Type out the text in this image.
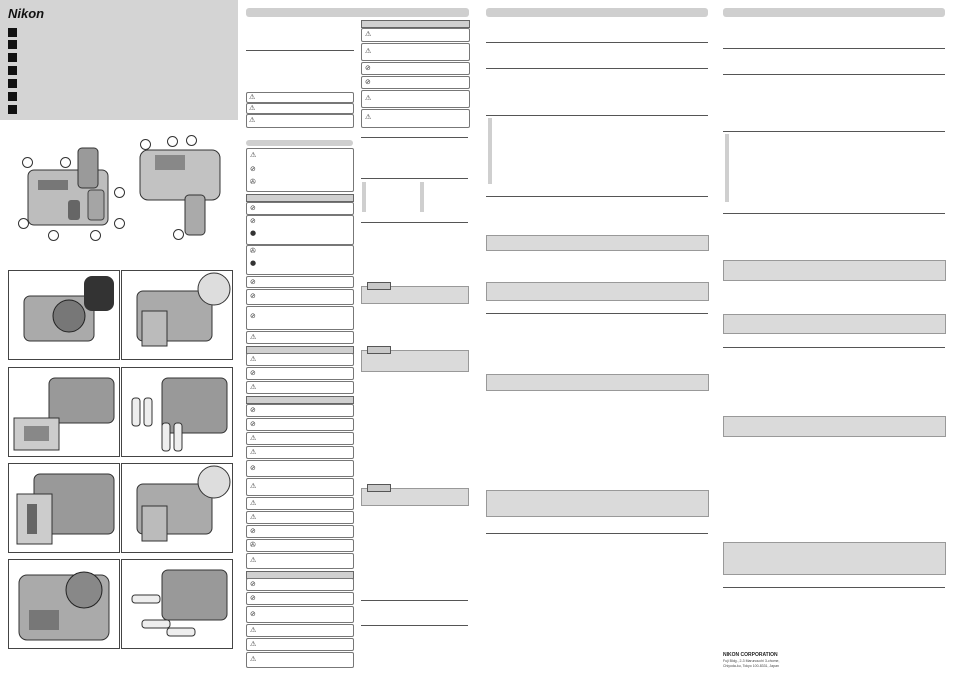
Nikon
⚠
⚠
⚠
⚠
⊘
✇
⊘
⊘
●
✇
●
⊘
⊘
⊘
⚠
⚠
⊘
⚠
⊘
⊘
⚠
⚠
⊘
⚠
⚠
⚠
⊘
✇
⚠
⊘
⊘
⊘
⚠
⚠
⚠
⚠
⚠
⊘
⊘
⚠
⚠
NIKON CORPORATION
Fuji Bldg., 2-3 Marunouchi 3-chome,
Chiyoda-ku, Tokyo 100-8331, Japan
